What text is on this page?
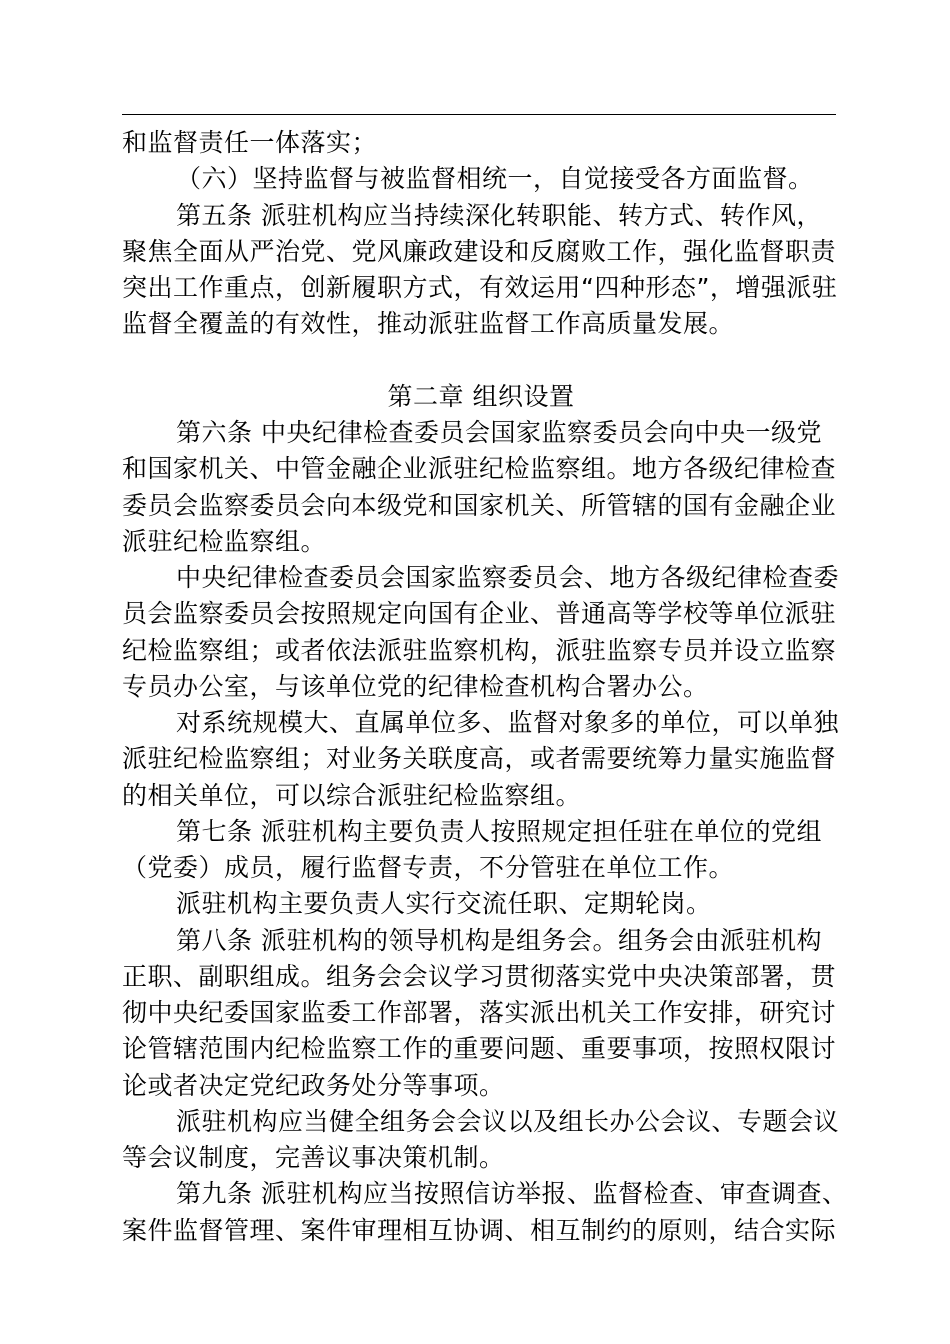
和监督责任一体落实；
（六）坚持监督与被监督相统一，自觉接受各方面监督。
第五条 派驻机构应当持续深化转职能、转方式、转作风，
聚焦全面从严治党、党风廉政建设和反腐败工作，强化监督职责
突出工作重点，创新履职方式，有效运用“四种形态”，增强派驻
监督全覆盖的有效性，推动派驻监督工作高质量发展。
第二章 组织设置
第六条 中央纪律检查委员会国家监察委员会向中央一级党
和国家机关、中管金融企业派驻纪检监察组。地方各级纪律检查
委员会监察委员会向本级党和国家机关、所管辖的国有金融企业
派驻纪检监察组。
中央纪律检查委员会国家监察委员会、地方各级纪律检查委
员会监察委员会按照规定向国有企业、普通高等学校等单位派驻
纪检监察组；或者依法派驻监察机构，派驻监察专员并设立监察
专员办公室，与该单位党的纪律检查机构合署办公。
对系统规模大、直属单位多、监督对象多的单位，可以单独
派驻纪检监察组；对业务关联度高，或者需要统筹力量实施监督
的相关单位，可以综合派驻纪检监察组。
第七条 派驻机构主要负责人按照规定担任驻在单位的党组
（党委）成员，履行监督专责，不分管驻在单位工作。
派驻机构主要负责人实行交流任职、定期轮岗。
第八条 派驻机构的领导机构是组务会。组务会由派驻机构
正职、副职组成。组务会会议学习贯彻落实党中央决策部署，贯
彻中央纪委国家监委工作部署，落实派出机关工作安排，研究讨
论管辖范围内纪检监察工作的重要问题、重要事项，按照权限讨
论或者决定党纪政务处分等事项。
派驻机构应当健全组务会会议以及组长办公会议、专题会议
等会议制度，完善议事决策机制。
第九条 派驻机构应当按照信访举报、监督检查、审查调查、
案件监督管理、案件审理相互协调、相互制约的原则，结合实际
